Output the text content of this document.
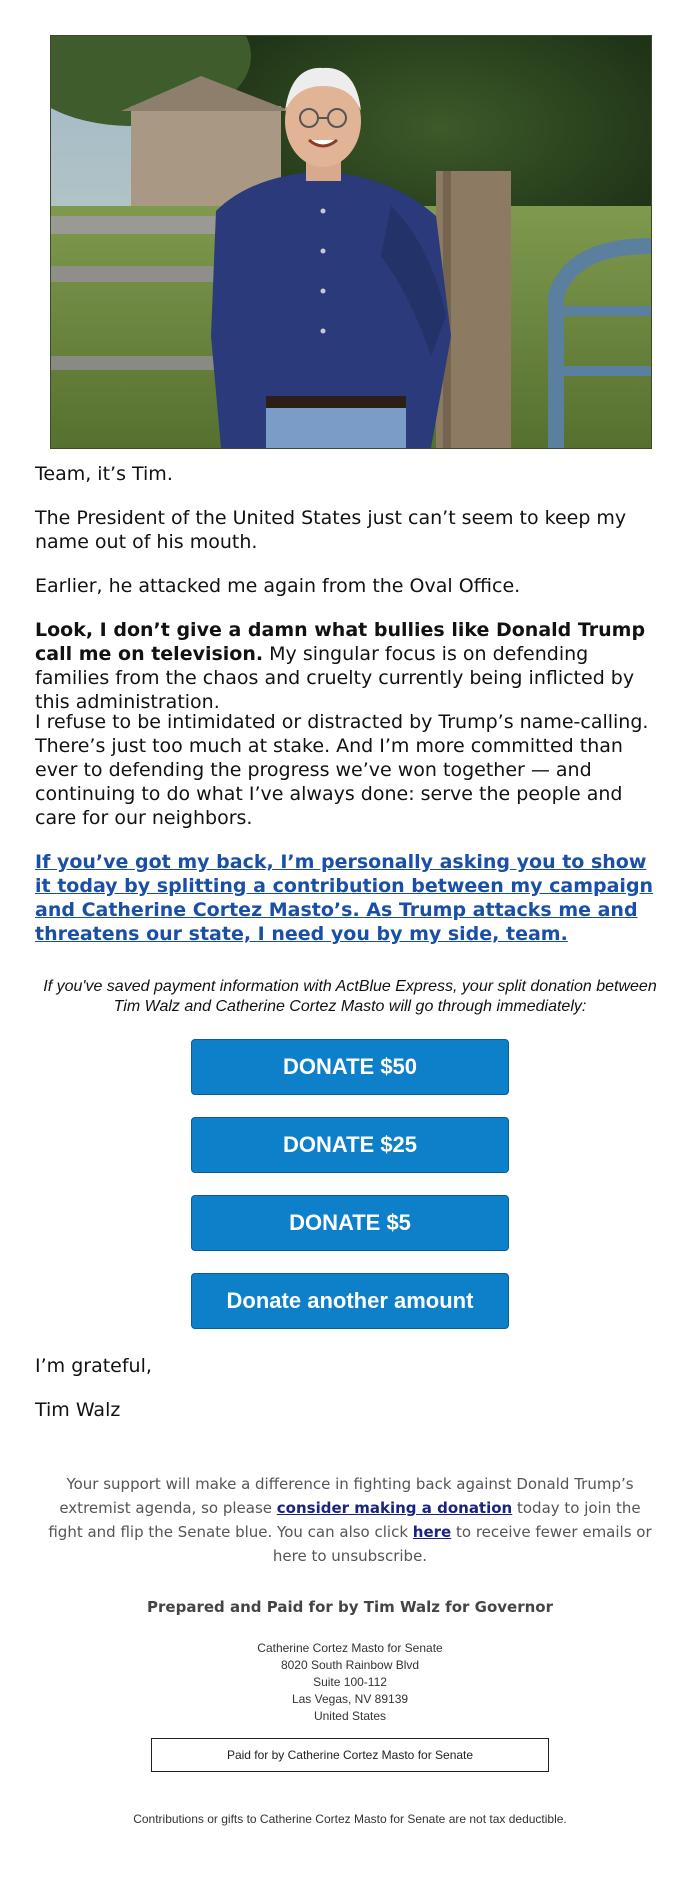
Team, it’s Tim.

The President of the United States just can’t seem to keep my name out of his mouth.

Earlier, he attacked me again from the Oval Office.

Look, I don’t give a damn what bullies like Donald Trump call me on television. My singular focus is on defending families from the chaos and cruelty currently being inflicted by this administration.

I refuse to be intimidated or distracted by Trump’s name-calling. There’s just too much at stake. And I’m more committed than ever to defending the progress we’ve won together — and continuing to do what I’ve always done: serve the people and care for our neighbors.

If you’ve got my back, I’m personally asking you to show it today by splitting a contribution between my campaign and Catherine Cortez Masto’s. As Trump attacks me and threatens our state, I need you by my side, team.

If you've saved payment information with ActBlue Express, your split donation between Tim Walz and Catherine Cortez Masto will go through immediately:
DONATE $50
DONATE $25
DONATE $5
Donate another amount
I’m grateful,
Tim Walz
Your support will make a difference in fighting back against Donald Trump’s extremist agenda, so please consider making a donation today to join the fight and flip the Senate blue. You can also click here to receive fewer emails or here to unsubscribe.
Prepared and Paid for by Tim Walz for Governor
Catherine Cortez Masto for Senate
8020 South Rainbow Blvd
Suite 100-112
Las Vegas, NV 89139
United States
Paid for by Catherine Cortez Masto for Senate
Contributions or gifts to Catherine Cortez Masto for Senate are not tax deductible.
